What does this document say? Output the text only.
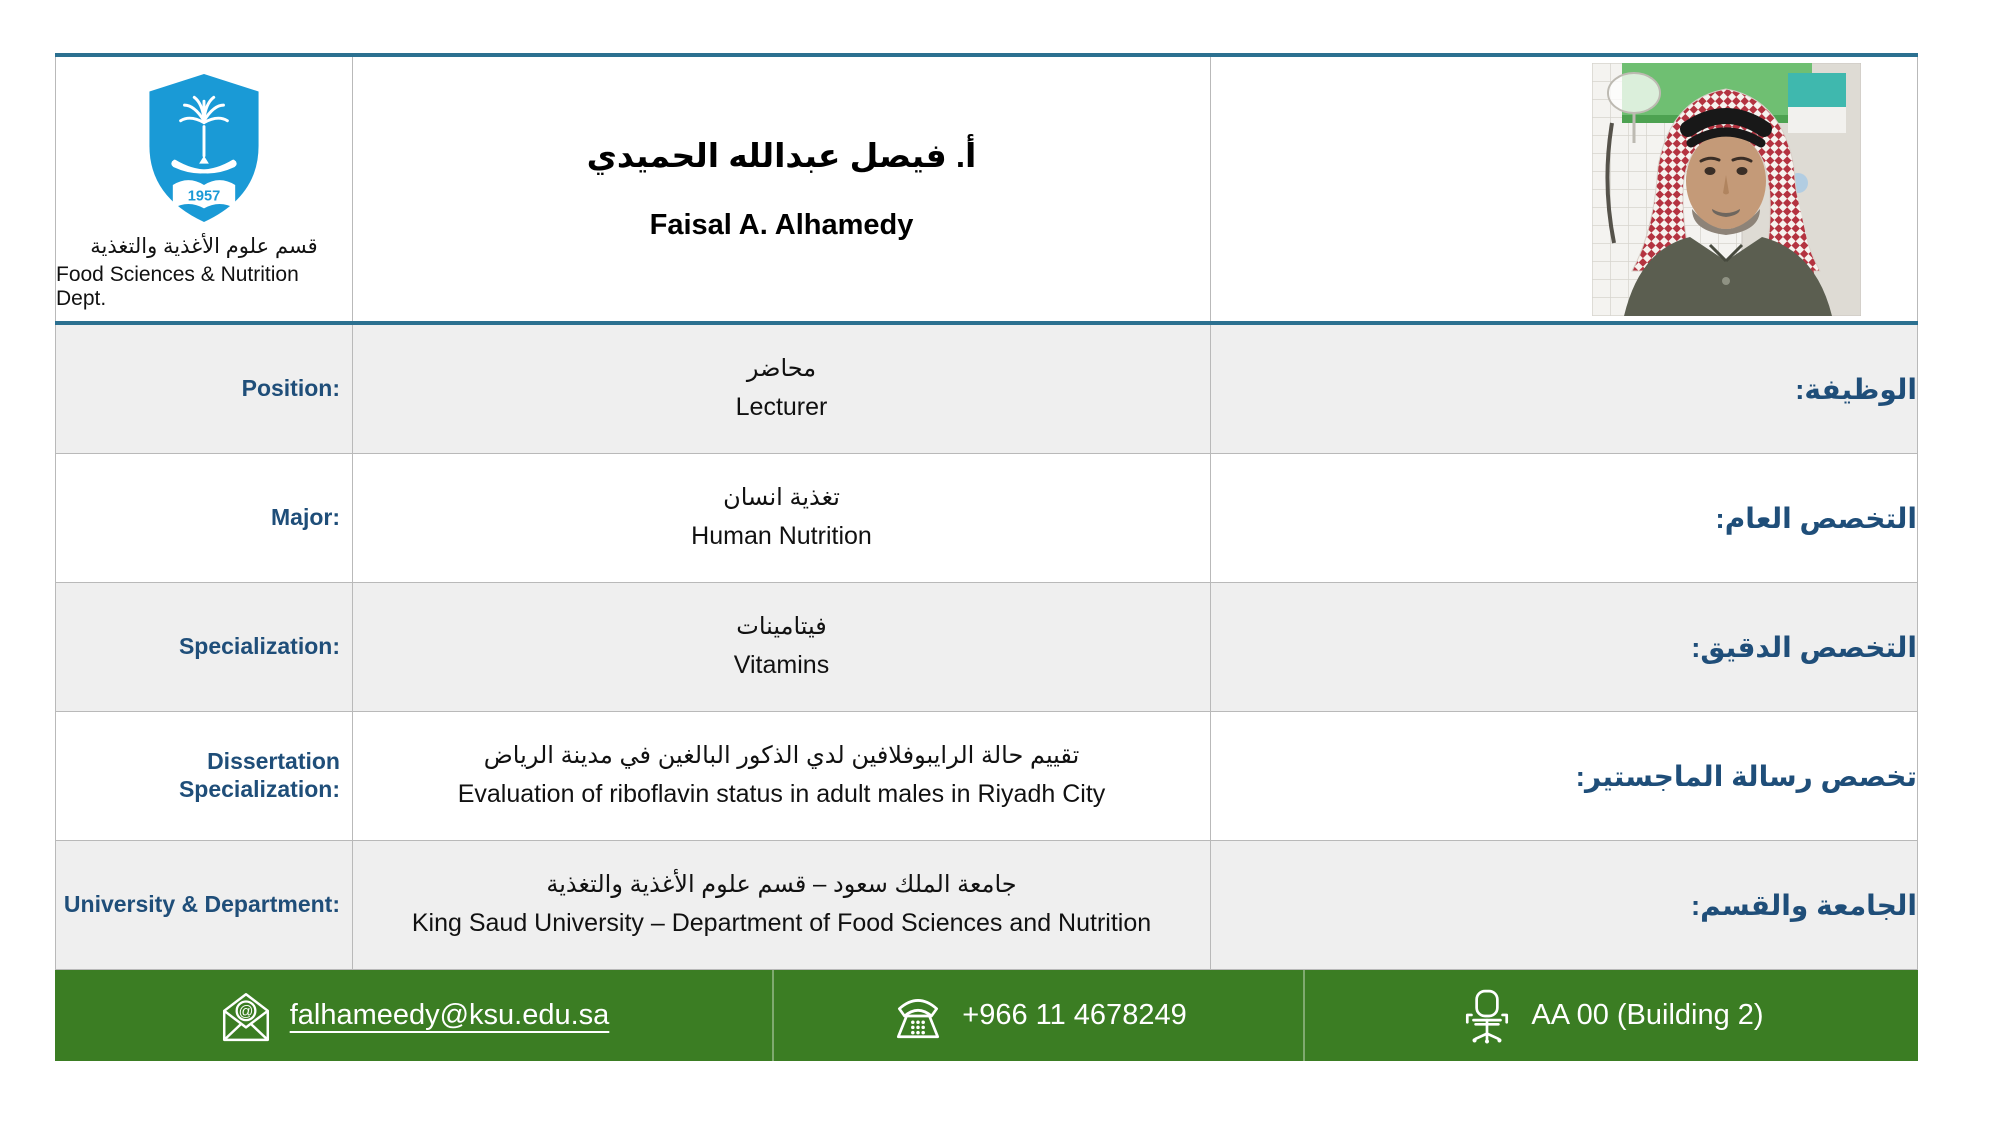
1957
قسم علوم الأغذية والتغذية
Food Sciences & Nutrition Dept.
أ. فيصل عبدالله الحميدي
Faisal A. Alhamedy
Position:
محاضر
Lecturer
الوظيفة:
Major:
تغذية انسان
Human Nutrition
التخصص العام:
Specialization:
فيتامينات
Vitamins
التخصص الدقيق:
Dissertation Specialization:
تقييم حالة الرايبوفلافين لدي الذكور البالغين في مدينة الرياض
Evaluation of riboflavin status in adult males in Riyadh City
تخصص رسالة الماجستير:
University & Department:
جامعة الملك سعود – قسم علوم الأغذية والتغذية
King Saud University – Department of Food Sciences and Nutrition
الجامعة والقسم:
@ falhameedy@ksu.edu.sa	+966 11 4678249	AA 00 (Building 2)
